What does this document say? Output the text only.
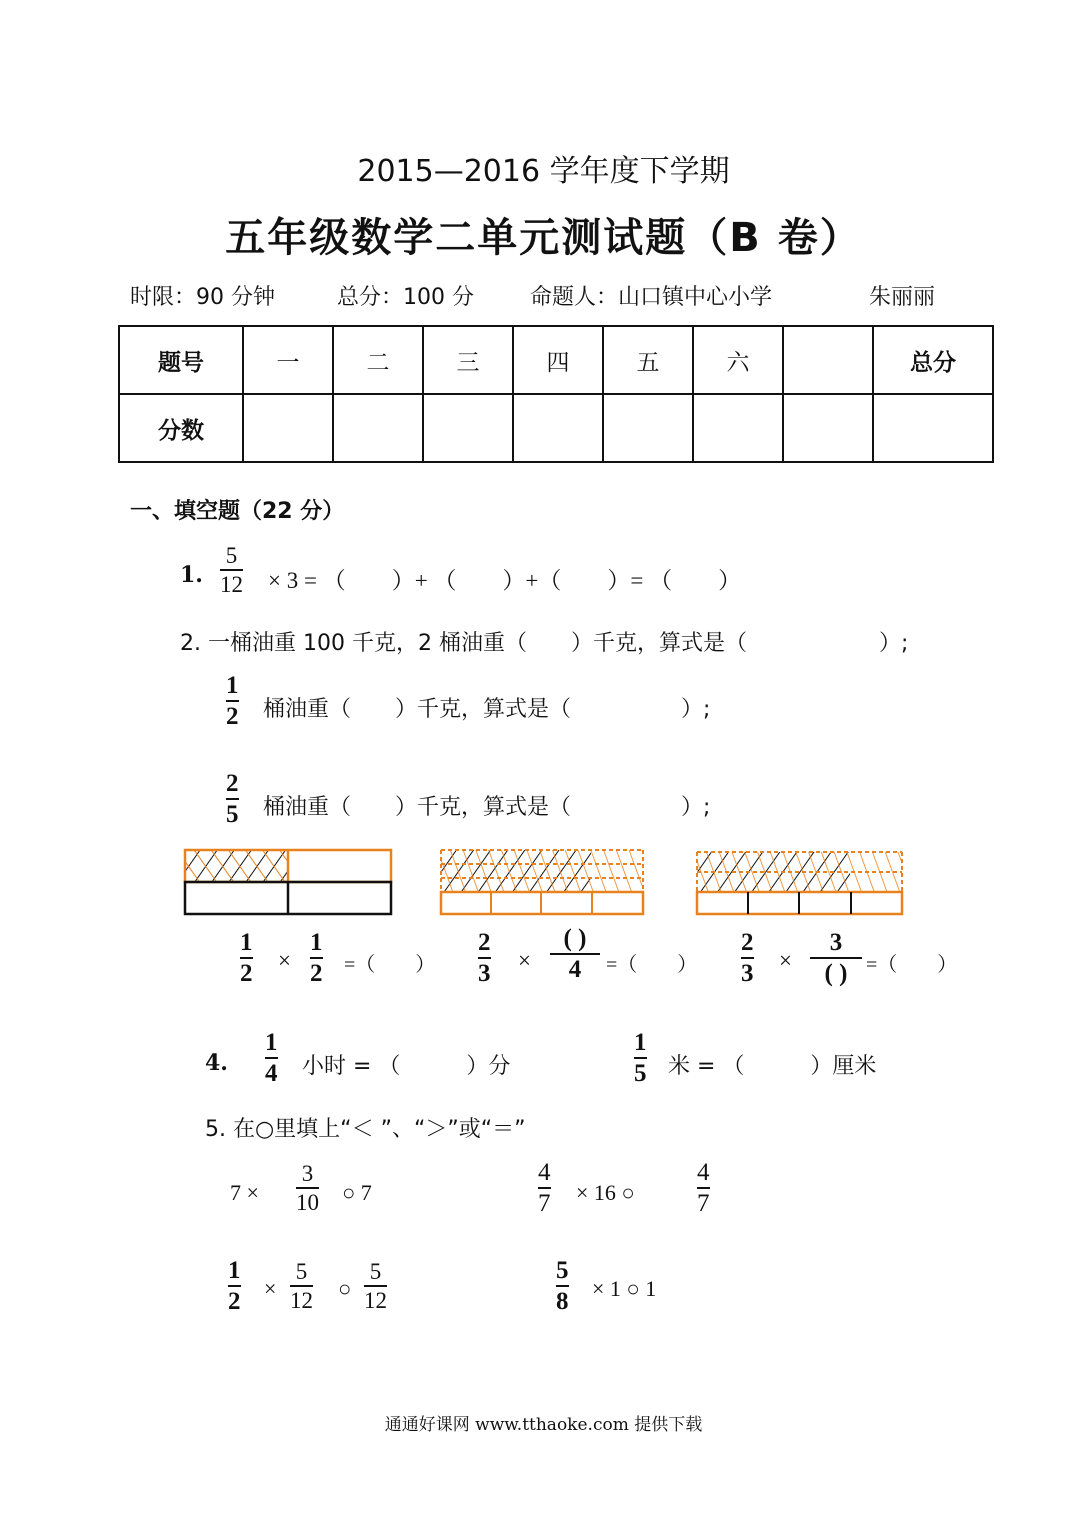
2015—2016 学年度下学期
五年级数学二单元测试题（B 卷）
时限：90 分钟	总分：100 分	命题人：山口镇中心小学	朱丽丽
题号	一	二	三	四	五	六		总分
分数								
一、填空题（22 分）
1.
5
12 × 3 = （　　）+ （　　）+（　　）= （　　）
2. 一桶油重 100 千克，2 桶油重（　　）千克，算式是（　　　　　　）;
1
2 桶油重（　　）千克，算式是（　　　　　）;
2
5 桶油重（　　）千克，算式是（　　　　　）;
1
2 ×
1
2 =（　　）
2
3 ×
( )
4 =（　　）
2
3 ×
3
( ) =（　　）
4.
1
4 小时 = （　　　）分
1
5 米 = （　　　）厘米
5. 在○里填上“＜ ”、“＞”或“＝”
7 ×
3
10 ○ 7
4
7 × 16 ○
4
7
1
2 ×
5
12 ○
5
12
5
8 × 1 ○ 1
通通好课网 www.tthaoke.com 提供下载
